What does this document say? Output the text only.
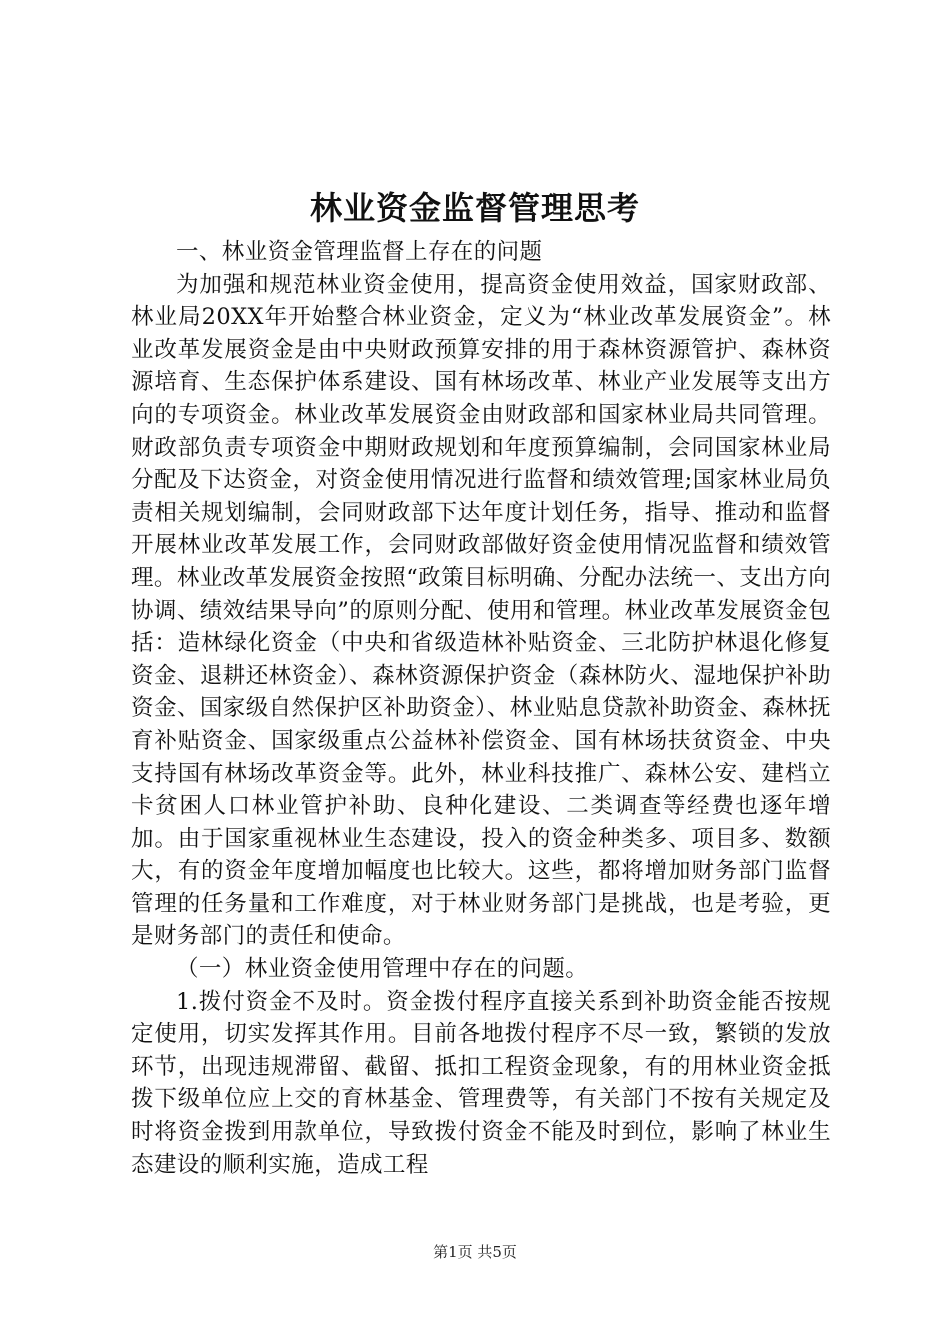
林业资金监督管理思考

一、林业资金管理监督上存在的问题

为加强和规范林业资金使用，提高资金使用效益，国家财政部、林业局20XX年开始整合林业资金，定义为“林业改革发展资金”。林业改革发展资金是由中央财政预算安排的用于森林资源管护、森林资源培育、生态保护体系建设、国有林场改革、林业产业发展等支出方向的专项资金。林业改革发展资金由财政部和国家林业局共同管理。财政部负责专项资金中期财政规划和年度预算编制，会同国家林业局分配及下达资金，对资金使用情况进行监督和绩效管理;国家林业局负责相关规划编制，会同财政部下达年度计划任务，指导、推动和监督开展林业改革发展工作，会同财政部做好资金使用情况监督和绩效管理。林业改革发展资金按照“政策目标明确、分配办法统一、支出方向协调、绩效结果导向”的原则分配、使用和管理。林业改革发展资金包括：造林绿化资金（中央和省级造林补贴资金、三北防护林退化修复资金、退耕还林资金）、森林资源保护资金（森林防火、湿地保护补助资金、国家级自然保护区补助资金）、林业贴息贷款补助资金、森林抚育补贴资金、国家级重点公益林补偿资金、国有林场扶贫资金、中央支持国有林场改革资金等。此外，林业科技推广、森林公安、建档立卡贫困人口林业管护补助、良种化建设、二类调查等经费也逐年增加。由于国家重视林业生态建设，投入的资金种类多、项目多、数额大，有的资金年度增加幅度也比较大。这些，都将增加财务部门监督管理的任务量和工作难度，对于林业财务部门是挑战，也是考验，更是财务部门的责任和使命。

（一）林业资金使用管理中存在的问题。

1.拨付资金不及时。资金拨付程序直接关系到补助资金能否按规定使用，切实发挥其作用。目前各地拨付程序不尽一致，繁锁的发放环节，出现违规滞留、截留、抵扣工程资金现象，有的用林业资金抵拨下级单位应上交的育林基金、管理费等，有关部门不按有关规定及时将资金拨到用款单位，导致拨付资金不能及时到位，影响了林业生态建设的顺利实施，造成工程

第1页 共5页
